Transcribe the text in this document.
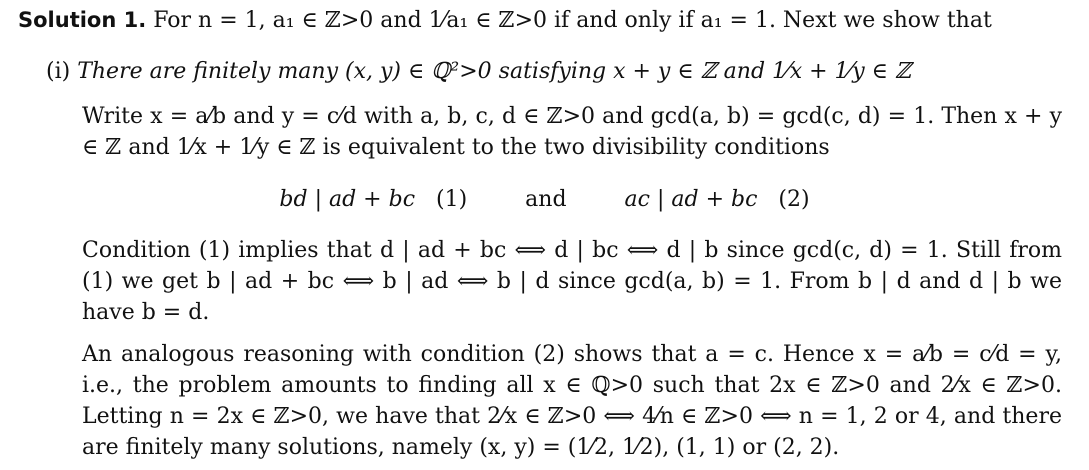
Solution 1. For n = 1, a₁ ∈ ℤ>0 and 1⁄a₁ ∈ ℤ>0 if and only if a₁ = 1. Next we show that
(i) There are finitely many (x, y) ∈ ℚ²>0 satisfying x + y ∈ ℤ and 1⁄x + 1⁄y ∈ ℤ
Write x = a⁄b and y = c⁄d with a, b, c, d ∈ ℤ>0 and gcd(a, b) = gcd(c, d) = 1. Then x + y ∈ ℤ and 1⁄x + 1⁄y ∈ ℤ is equivalent to the two divisibility conditions
bd | ad + bc (1)	and	ac | ad + bc (2)
Condition (1) implies that d | ad + bc ⟺ d | bc ⟺ d | b since gcd(c, d) = 1. Still from (1) we get b | ad + bc ⟺ b | ad ⟺ b | d since gcd(a, b) = 1. From b | d and d | b we have b = d.
An analogous reasoning with condition (2) shows that a = c. Hence x = a⁄b = c⁄d = y, i.e., the problem amounts to finding all x ∈ ℚ>0 such that 2x ∈ ℤ>0 and 2⁄x ∈ ℤ>0. Letting n = 2x ∈ ℤ>0, we have that 2⁄x ∈ ℤ>0 ⟺ 4⁄n ∈ ℤ>0 ⟺ n = 1, 2 or 4, and there are finitely many solutions, namely (x, y) = (1⁄2, 1⁄2), (1, 1) or (2, 2).
